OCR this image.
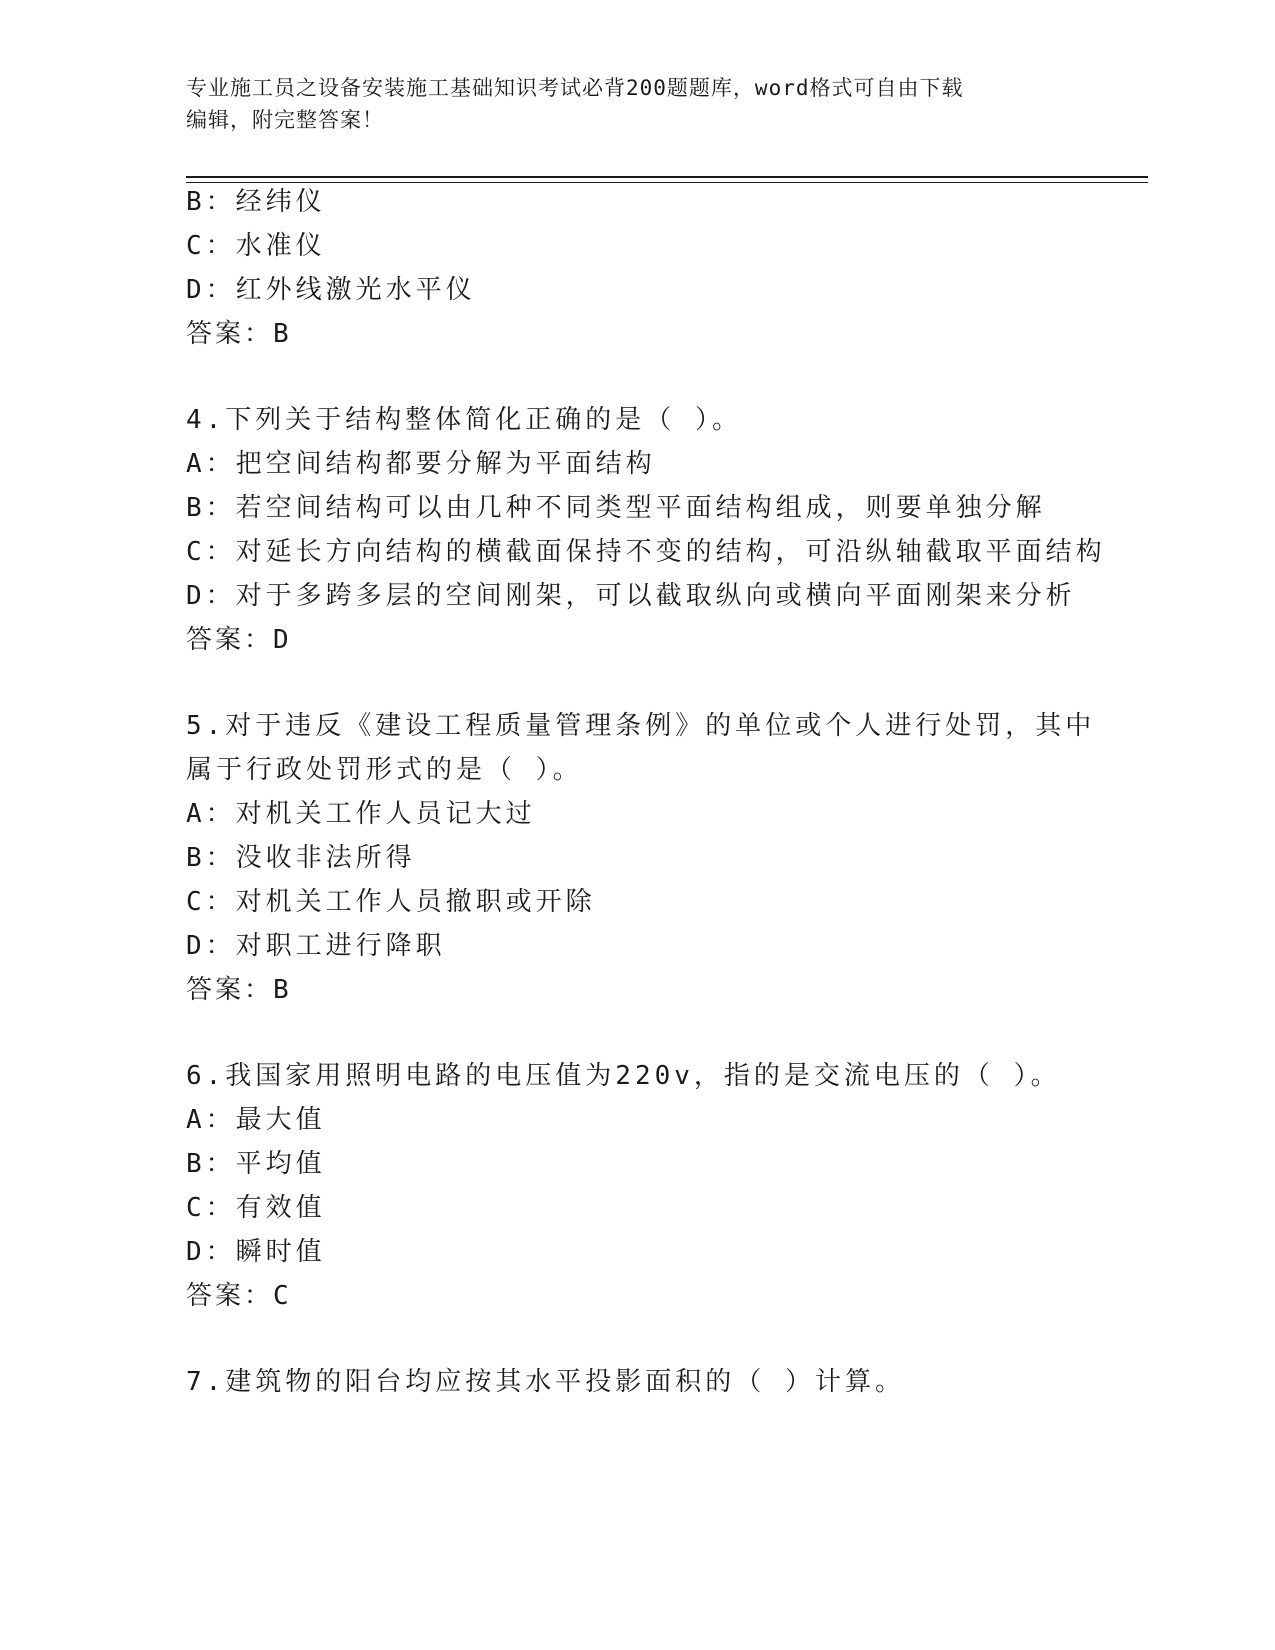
专业施工员之设备安装施工基础知识考试必背200题题库，word格式可自由下载
编辑，附完整答案！
B：经纬仪
C：水准仪
D：红外线激光水平仪
答案：B
4.下列关于结构整体简化正确的是（ ）。
A：把空间结构都要分解为平面结构
B：若空间结构可以由几种不同类型平面结构组成，则要单独分解
C：对延长方向结构的横截面保持不变的结构，可沿纵轴截取平面结构
D：对于多跨多层的空间刚架，可以截取纵向或横向平面刚架来分析
答案：D
5.对于违反《建设工程质量管理条例》的单位或个人进行处罚，其中
属于行政处罚形式的是（ ）。
A：对机关工作人员记大过
B：没收非法所得
C：对机关工作人员撤职或开除
D：对职工进行降职
答案：B
6.我国家用照明电路的电压值为220v，指的是交流电压的（ ）。
A：最大值
B：平均值
C：有效值
D：瞬时值
答案：C
7.建筑物的阳台均应按其水平投影面积的（ ）计算。
